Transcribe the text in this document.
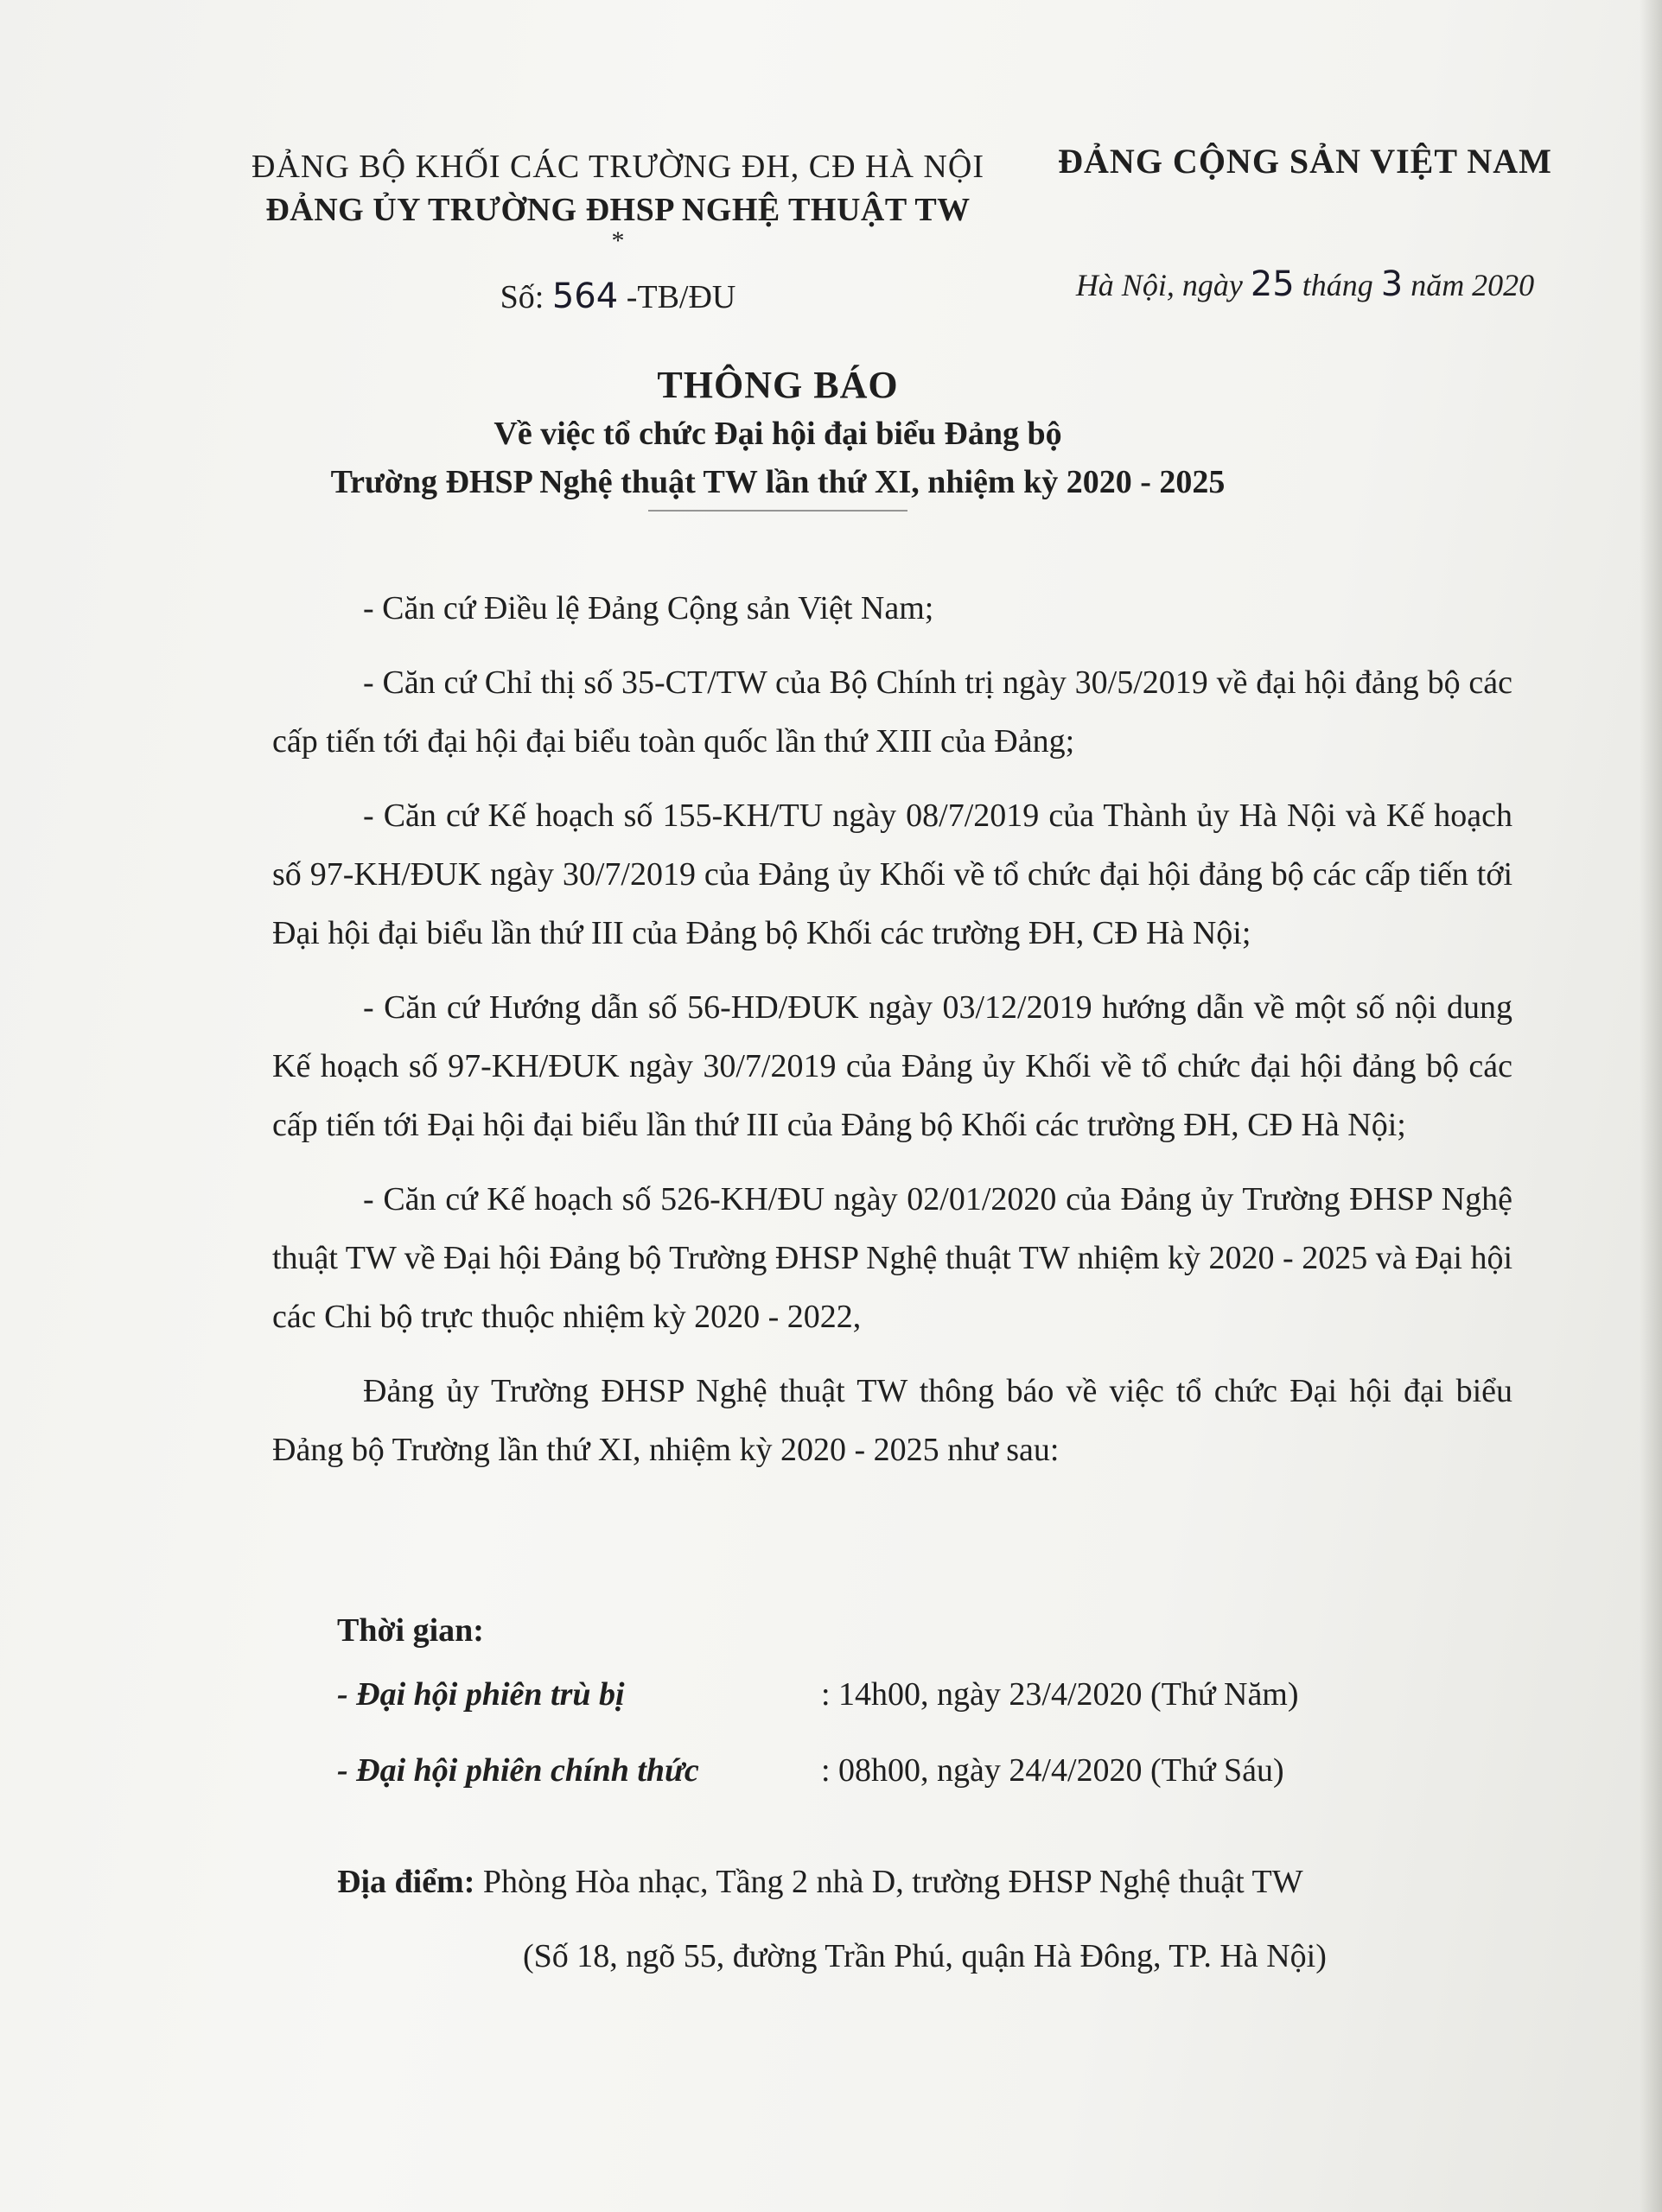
ĐẢNG BỘ KHỐI CÁC TRƯỜNG ĐH, CĐ HÀ NỘI
ĐẢNG ỦY TRƯỜNG ĐHSP NGHỆ THUẬT TW
*
Số: 564 -TB/ĐU
ĐẢNG CỘNG SẢN VIỆT NAM
Hà Nội, ngày 25 tháng 3 năm 2020
THÔNG BÁO
Về việc tổ chức Đại hội đại biểu Đảng bộ
Trường ĐHSP Nghệ thuật TW lần thứ XI, nhiệm kỳ 2020 - 2025

- Căn cứ Điều lệ Đảng Cộng sản Việt Nam;

- Căn cứ Chỉ thị số 35-CT/TW của Bộ Chính trị ngày 30/5/2019 về đại hội đảng bộ các cấp tiến tới đại hội đại biểu toàn quốc lần thứ XIII của Đảng;

- Căn cứ Kế hoạch số 155-KH/TU ngày 08/7/2019 của Thành ủy Hà Nội và Kế hoạch số 97-KH/ĐUK ngày 30/7/2019 của Đảng ủy Khối về tổ chức đại hội đảng bộ các cấp tiến tới Đại hội đại biểu lần thứ III của Đảng bộ Khối các trường ĐH, CĐ Hà Nội;

- Căn cứ Hướng dẫn số 56-HD/ĐUK ngày 03/12/2019 hướng dẫn về một số nội dung Kế hoạch số 97-KH/ĐUK ngày 30/7/2019 của Đảng ủy Khối về tổ chức đại hội đảng bộ các cấp tiến tới Đại hội đại biểu lần thứ III của Đảng bộ Khối các trường ĐH, CĐ Hà Nội;

- Căn cứ Kế hoạch số 526-KH/ĐU ngày 02/01/2020 của Đảng ủy Trường ĐHSP Nghệ thuật TW về Đại hội Đảng bộ Trường ĐHSP Nghệ thuật TW nhiệm kỳ 2020 - 2025 và Đại hội các Chi bộ trực thuộc nhiệm kỳ 2020 - 2022,

Đảng ủy Trường ĐHSP Nghệ thuật TW thông báo về việc tổ chức Đại hội đại biểu Đảng bộ Trường lần thứ XI, nhiệm kỳ 2020 - 2025 như sau:

Thời gian:
- Đại hội phiên trù bị	: 14h00, ngày 23/4/2020 (Thứ Năm)
- Đại hội phiên chính thức	: 08h00, ngày 24/4/2020 (Thứ Sáu)
Địa điểm: Phòng Hòa nhạc, Tầng 2 nhà D, trường ĐHSP Nghệ thuật TW
(Số 18, ngõ 55, đường Trần Phú, quận Hà Đông, TP. Hà Nội)
